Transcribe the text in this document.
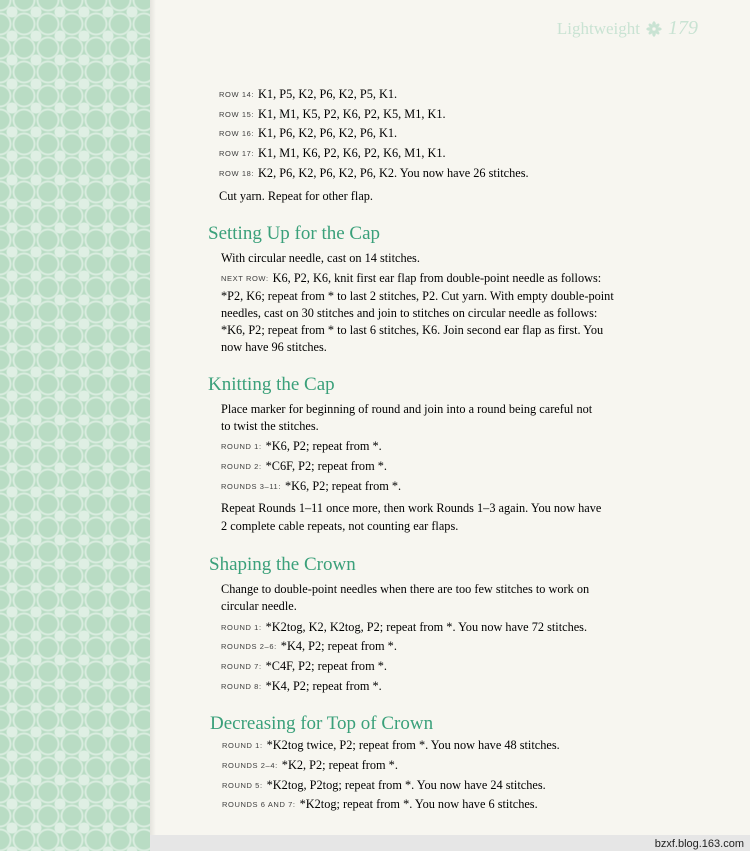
Lightweight 179
ROW 14: K1, P5, K2, P6, K2, P5, K1.
ROW 15: K1, M1, K5, P2, K6, P2, K5, M1, K1.
ROW 16: K1, P6, K2, P6, K2, P6, K1.
ROW 17: K1, M1, K6, P2, K6, P2, K6, M1, K1.
ROW 18: K2, P6, K2, P6, K2, P6, K2. You now have 26 stitches.
Cut yarn. Repeat for other flap.
Setting Up for the Cap
With circular needle, cast on 14 stitches.
NEXT ROW: K6, P2, K6, knit first ear flap from double-point needle as follows:
*P2, K6; repeat from * to last 2 stitches, P2. Cut yarn. With empty double-point
needles, cast on 30 stitches and join to stitches on circular needle as follows:
*K6, P2; repeat from * to last 6 stitches, K6. Join second ear flap as first. You
now have 96 stitches.
Knitting the Cap
Place marker for beginning of round and join into a round being careful not
to twist the stitches.
ROUND 1: *K6, P2; repeat from *.
ROUND 2: *C6F, P2; repeat from *.
ROUNDS 3–11: *K6, P2; repeat from *.
Repeat Rounds 1–11 once more, then work Rounds 1–3 again. You now have
2 complete cable repeats, not counting ear flaps.
Shaping the Crown
Change to double-point needles when there are too few stitches to work on
circular needle.
ROUND 1: *K2tog, K2, K2tog, P2; repeat from *. You now have 72 stitches.
ROUNDS 2–6: *K4, P2; repeat from *.
ROUND 7: *C4F, P2; repeat from *.
ROUND 8: *K4, P2; repeat from *.
Decreasing for Top of Crown
ROUND 1: *K2tog twice, P2; repeat from *. You now have 48 stitches.
ROUNDS 2–4: *K2, P2; repeat from *.
ROUND 5: *K2tog, P2tog; repeat from *. You now have 24 stitches.
ROUNDS 6 AND 7: *K2tog; repeat from *. You now have 6 stitches.
bzxf.blog.163.com
